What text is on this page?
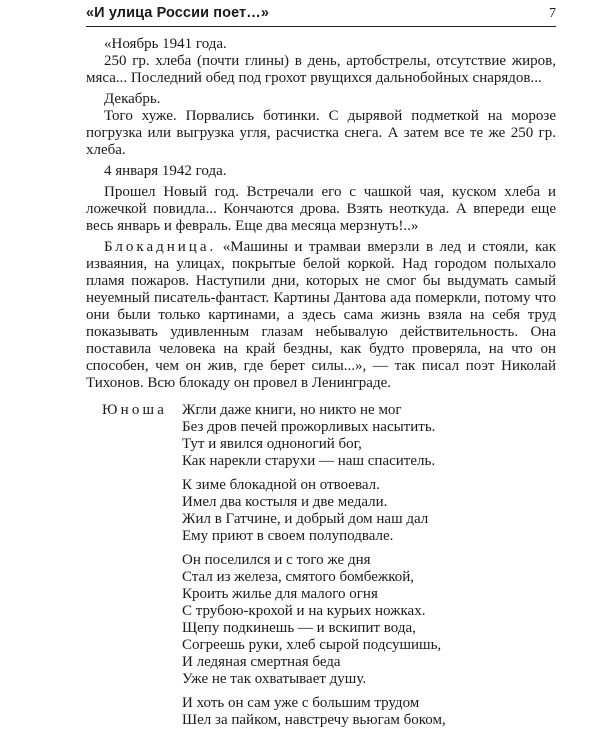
«И улица России поет…»	7

«Ноябрь 1941 года.

250 гр. хлеба (почти глины) в день, артобстрелы, отсутствие жиров, мяса... Последний обед под грохот рвущихся дальнобойных снарядов...

Декабрь.

Того хуже. Порвались ботинки. С дырявой подметкой на морозе погрузка или выгрузка угля, расчистка снега. А затем все те же 250 гр. хлеба.

4 января 1942 года.

Прошел Новый год. Встречали его с чашкой чая, куском хлеба и ложечкой повидла... Кончаются дрова. Взять неоткуда. А впереди еще весь январь и февраль. Еще два месяца мерзнуть!..»

Блокадница. «Машины и трамваи вмерзли в лед и стояли, как изваяния, на улицах, покрытые белой коркой. Над городом полыхало пламя пожаров. Наступили дни, которых не смог бы выдумать самый неуемный писатель-фантаст. Картины Дантова ада померкли, потому что они были только картинами, а здесь сама жизнь взяла на себя труд показывать удивленным глазам небывалую действительность. Она поставила человека на край бездны, как будто проверяла, на что он способен, чем он жив, где берет силы...», — так писал поэт Николай Тихонов. Всю блокаду он провел в Ленинграде.

Юноша Жгли даже книги, но никто не мог
Без дров печей прожорливых насытить.
Тут и явился одноногий бог,
Как нарекли старухи — наш спаситель.
К зиме блокадной он отвоевал.
Имел два костыля и две медали.
Жил в Гатчине, и добрый дом наш дал
Ему приют в своем полуподвале.
Он поселился и с того же дня
Стал из железа, смятого бомбежкой,
Кроить жилье для малого огня
С трубою-крохой и на курьих ножках.
Щепу подкинешь — и вскипит вода,
Согреешь руки, хлеб сырой подсушишь,
И ледяная смертная беда
Уже не так охватывает душу.
И хоть он сам уже с большим трудом
Шел за пайком, навстречу вьюгам боком,
